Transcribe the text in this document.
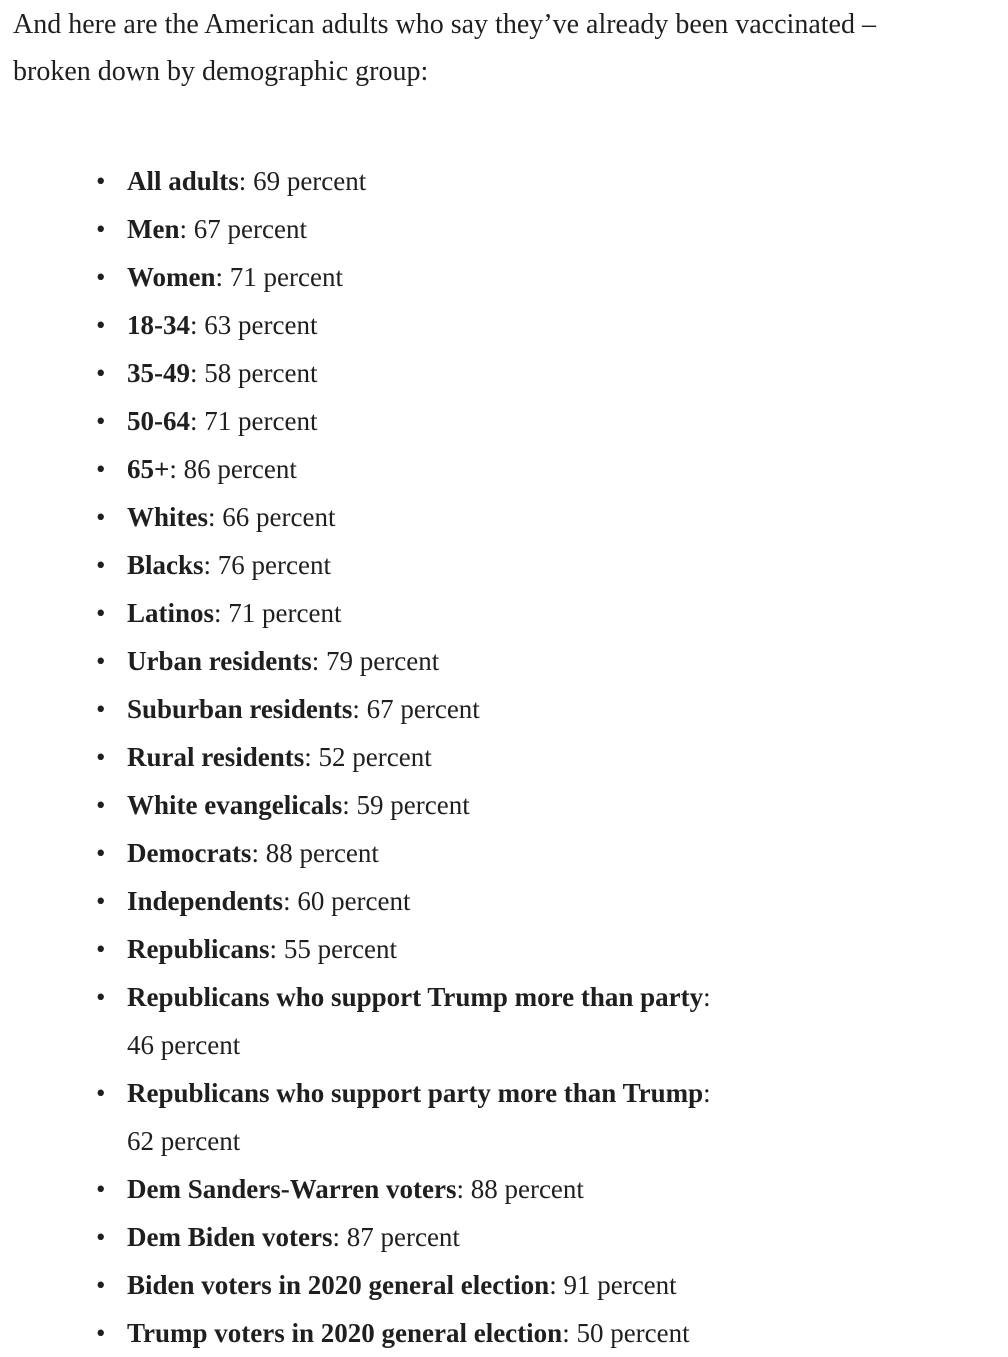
And here are the American adults who say they’ve already been vaccinated – broken down by demographic group:

• All adults: 69 percent
• Men: 67 percent
• Women: 71 percent
• 18-34: 63 percent
• 35-49: 58 percent
• 50-64: 71 percent
• 65+: 86 percent
• Whites: 66 percent
• Blacks: 76 percent
• Latinos: 71 percent
• Urban residents: 79 percent
• Suburban residents: 67 percent
• Rural residents: 52 percent
• White evangelicals: 59 percent
• Democrats: 88 percent
• Independents: 60 percent
• Republicans: 55 percent
• Republicans who support Trump more than party:
46 percent
• Republicans who support party more than Trump:
62 percent
• Dem Sanders-Warren voters: 88 percent
• Dem Biden voters: 87 percent
• Biden voters in 2020 general election: 91 percent
• Trump voters in 2020 general election: 50 percent
